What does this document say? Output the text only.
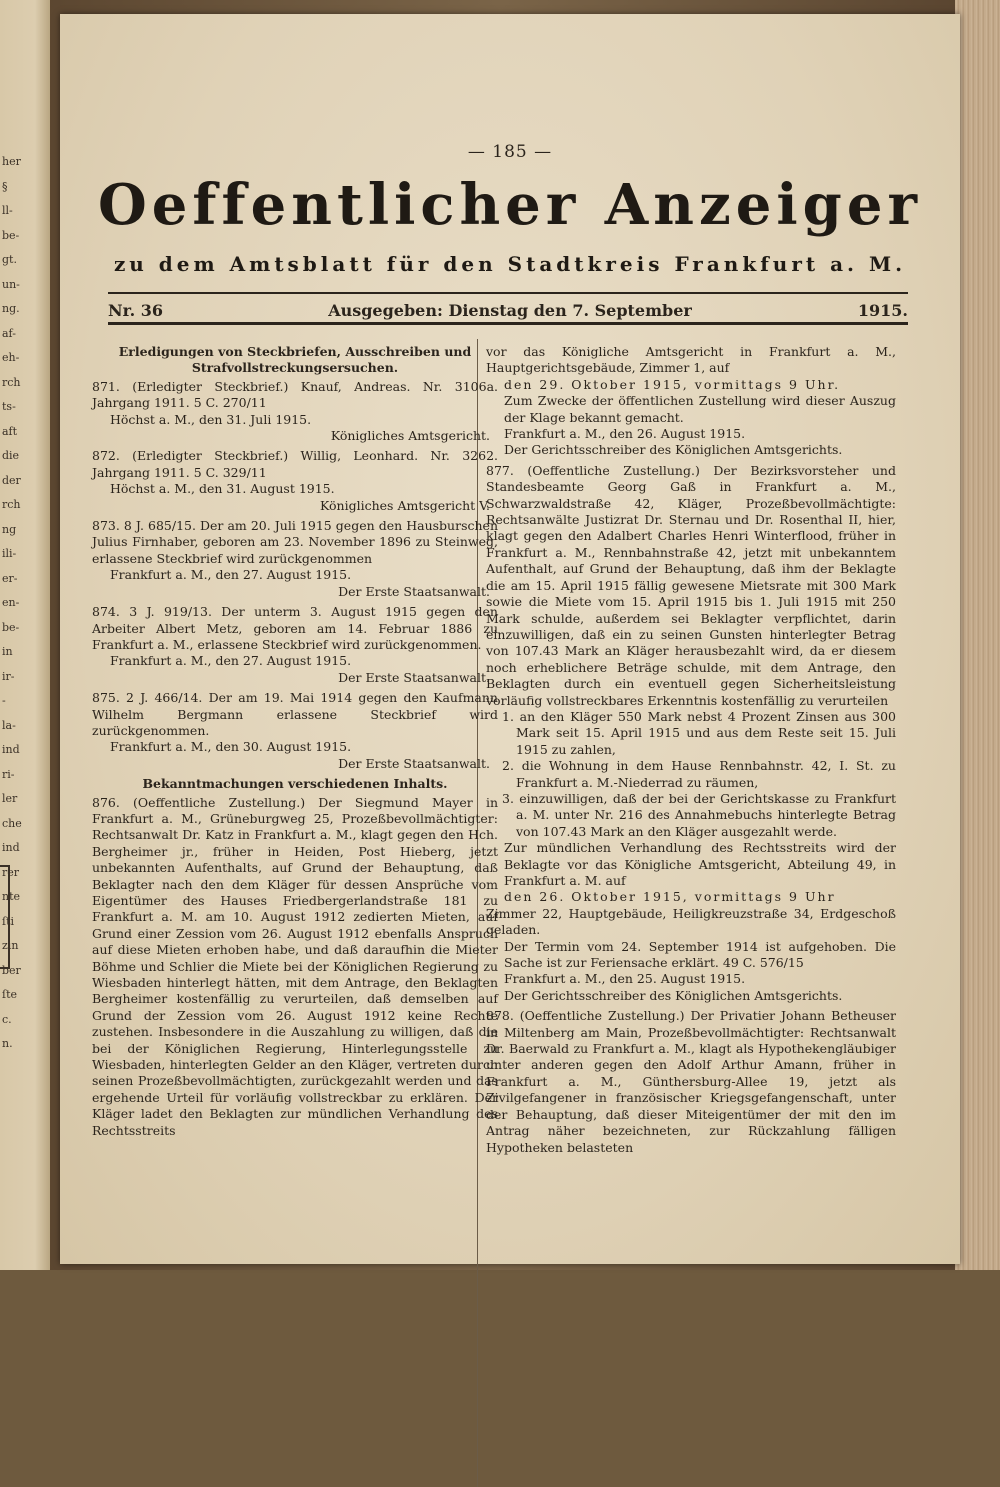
her
§
ll-
be-
gt.
un-
ng.
af-
eh-
rch
ts-
aft
die
der
rch
ng
ili-
er-
en-
be-
in
ir-
-
la-
ind
ri-
ler
che
ind
rer
nte
ſti
zin
ber
ſte
c.
n.
— 185 —
Oeffentlicher Anzeiger
zu dem Amtsblatt für den Stadtkreis Frankfurt a. M.
Nr. 36	Ausgegeben: Dienstag den 7. September	1915.

Erledigungen von Steckbriefen, Ausschreiben und Strafvollstreckungsersuchen.

871. (Erledigter Steckbrief.) Knauf, Andreas. Nr. 3106a. Jahrgang 1911. 5 C. 270/11

Höchst a. M., den 31. Juli 1915.

Königliches Amtsgericht.

872. (Erledigter Steckbrief.) Willig, Leonhard. Nr. 3262. Jahrgang 1911. 5 C. 329/11

Höchst a. M., den 31. August 1915.

Königliches Amtsgericht V.

873. 8 J. 685/15. Der am 20. Juli 1915 gegen den Hausburschen Julius Firnhaber, geboren am 23. November 1896 zu Steinweg, erlassene Steckbrief wird zurückgenommen

Frankfurt a. M., den 27. August 1915.

Der Erste Staatsanwalt.

874. 3 J. 919/13. Der unterm 3. August 1915 gegen den Arbeiter Albert Metz, geboren am 14. Februar 1886 zu Frankfurt a. M., erlassene Steckbrief wird zurückgenommen.

Frankfurt a. M., den 27. August 1915.

Der Erste Staatsanwalt.

875. 2 J. 466/14. Der am 19. Mai 1914 gegen den Kaufmann Wilhelm Bergmann erlassene Steckbrief wird zurückgenommen.

Frankfurt a. M., den 30. August 1915.

Der Erste Staatsanwalt.

Bekanntmachungen verschiedenen Inhalts.

876. (Oeffentliche Zustellung.) Der Siegmund Mayer in Frankfurt a. M., Grüneburgweg 25, Prozeßbevollmächtigter: Rechtsanwalt Dr. Katz in Frankfurt a. M., klagt gegen den Hch. Bergheimer jr., früher in Heiden, Post Hieberg, jetzt unbekannten Aufenthalts, auf Grund der Behauptung, daß Beklagter nach den dem Kläger für dessen Ansprüche vom Eigentümer des Hauses Friedbergerlandstraße 181 zu Frankfurt a. M. am 10. August 1912 zedierten Mieten, auf Grund einer Zession vom 26. August 1912 ebenfalls Anspruch auf diese Mieten erhoben habe, und daß daraufhin die Mieter Böhme und Schlier die Miete bei der Königlichen Regierung zu Wiesbaden hinterlegt hätten, mit dem Antrage, den Beklagten Bergheimer kostenfällig zu verurteilen, daß demselben auf Grund der Zession vom 26. August 1912 keine Rechte zustehen. Insbesondere in die Auszahlung zu willigen, daß die bei der Königlichen Regierung, Hinterlegungsstelle zu Wiesbaden, hinterlegten Gelder an den Kläger, vertreten durch seinen Prozeßbevollmächtigten, zurückgezahlt werden und das ergehende Urteil für vorläufig vollstreckbar zu erklären. Der Kläger ladet den Beklagten zur mündlichen Verhandlung des Rechtsstreits

vor das Königliche Amtsgericht in Frankfurt a. M., Hauptgerichtsgebäude, Zimmer 1, auf

den 29. Oktober 1915, vormittags 9 Uhr.

Zum Zwecke der öffentlichen Zustellung wird dieser Auszug der Klage bekannt gemacht.

Frankfurt a. M., den 26. August 1915.

Der Gerichtsschreiber des Königlichen Amtsgerichts.

877. (Oeffentliche Zustellung.) Der Bezirksvorsteher und Standesbeamte Georg Gaß in Frankfurt a. M., Schwarzwaldstraße 42, Kläger, Prozeßbevollmächtigte: Rechtsanwälte Justizrat Dr. Sternau und Dr. Rosenthal II, hier, klagt gegen den Adalbert Charles Henri Winterflood, früher in Frankfurt a. M., Rennbahnstraße 42, jetzt mit unbekanntem Aufenthalt, auf Grund der Behauptung, daß ihm der Beklagte die am 15. April 1915 fällig gewesene Mietsrate mit 300 Mark sowie die Miete vom 15. April 1915 bis 1. Juli 1915 mit 250 Mark schulde, außerdem sei Beklagter verpflichtet, darin einzuwilligen, daß ein zu seinen Gunsten hinterlegter Betrag von 107.43 Mark an Kläger herausbezahlt wird, da er diesem noch erheblichere Beträge schulde, mit dem Antrage, den Beklagten durch ein eventuell gegen Sicherheitsleistung vorläufig vollstreckbares Erkenntnis kostenfällig zu verurteilen

1. an den Kläger 550 Mark nebst 4 Prozent Zinsen aus 300 Mark seit 15. April 1915 und aus dem Reste seit 15. Juli 1915 zu zahlen,

2. die Wohnung in dem Hause Rennbahnstr. 42, I. St. zu Frankfurt a. M.-Niederrad zu räumen,

3. einzuwilligen, daß der bei der Gerichtskasse zu Frankfurt a. M. unter Nr. 216 des Annahmebuchs hinterlegte Betrag von 107.43 Mark an den Kläger ausgezahlt werde.

Zur mündlichen Verhandlung des Rechtsstreits wird der Beklagte vor das Königliche Amtsgericht, Abteilung 49, in Frankfurt a. M. auf

den 26. Oktober 1915, vormittags 9 Uhr

Zimmer 22, Hauptgebäude, Heiligkreuzstraße 34, Erdgeschoß geladen.

Der Termin vom 24. September 1914 ist aufgehoben. Die Sache ist zur Feriensache erklärt. 49 C. 576/15

Frankfurt a. M., den 25. August 1915.

Der Gerichtsschreiber des Königlichen Amtsgerichts.

878. (Oeffentliche Zustellung.) Der Privatier Johann Betheuser in Miltenberg am Main, Prozeßbevollmächtigter: Rechtsanwalt Dr. Baerwald zu Frankfurt a. M., klagt als Hypothekengläubiger unter anderen gegen den Adolf Arthur Amann, früher in Frankfurt a. M., Günthersburg-Allee 19, jetzt als Zivilgefangener in französischer Kriegsgefangenschaft, unter der Behauptung, daß dieser Miteigentümer der mit den im Antrag näher bezeichneten, zur Rückzahlung fälligen Hypotheken belasteten
